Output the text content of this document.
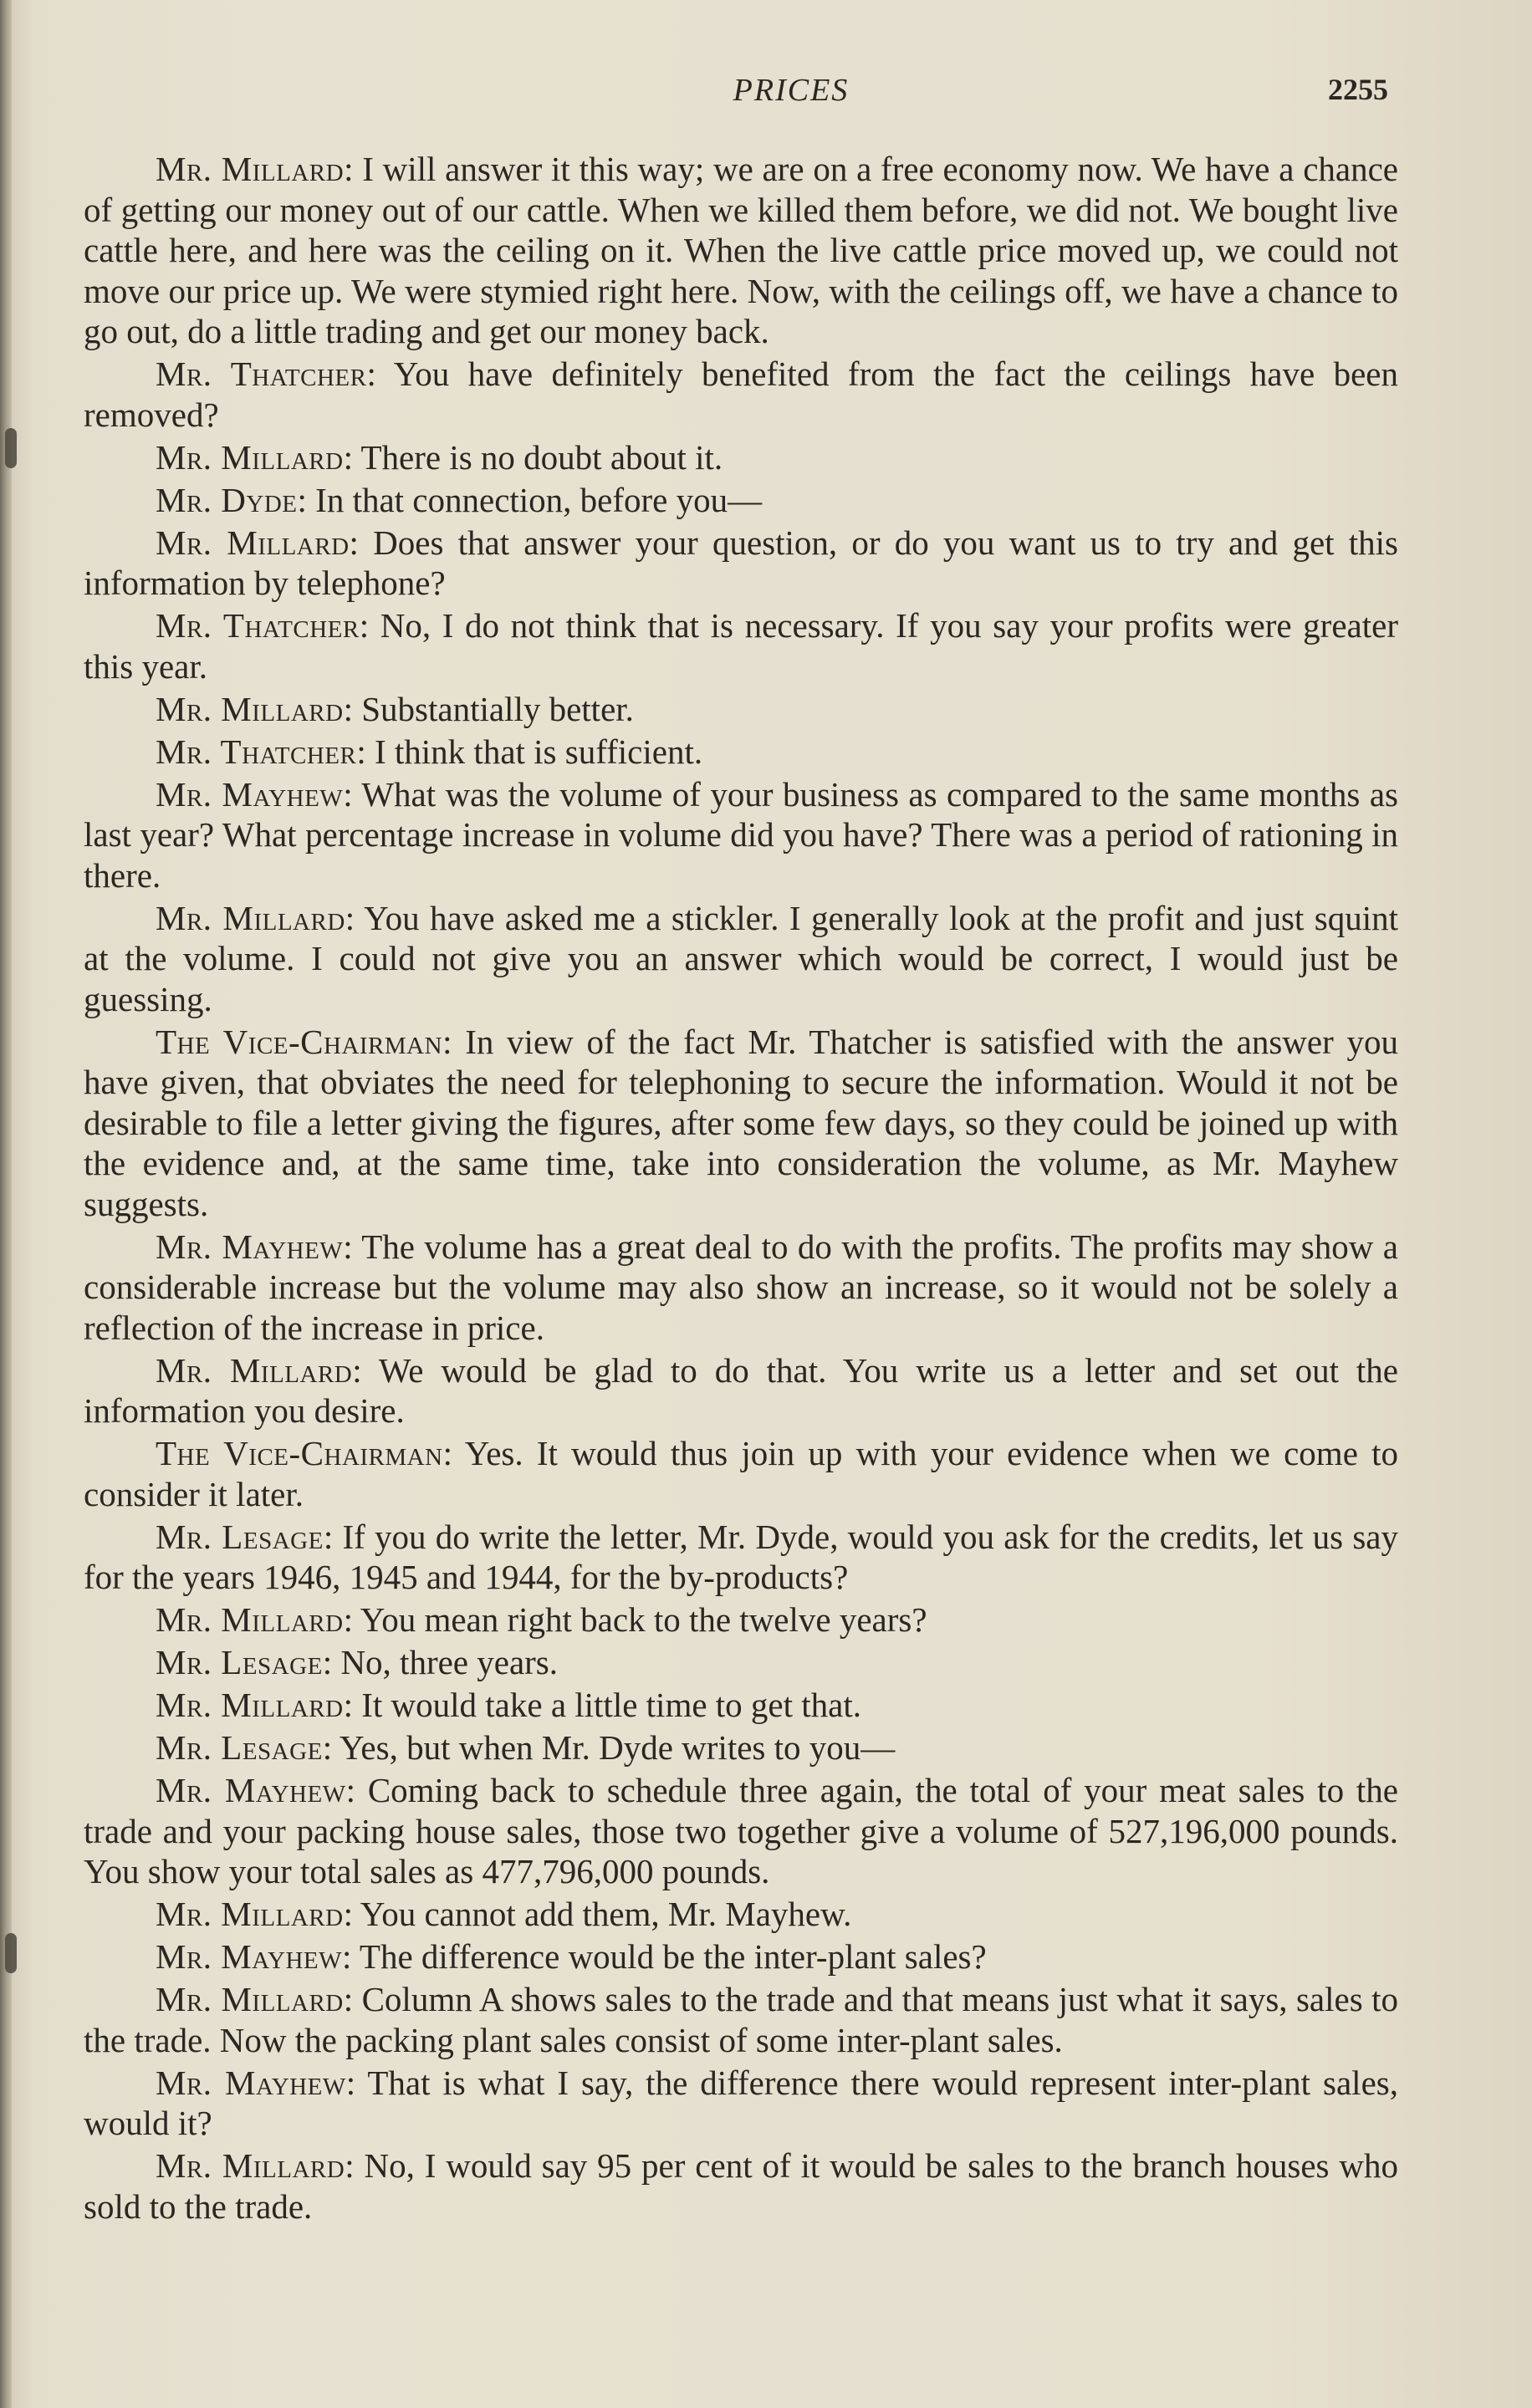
PRICES	2255

Mr. Millard: I will answer it this way; we are on a free economy now. We have a chance of getting our money out of our cattle. When we killed them before, we did not. We bought live cattle here, and here was the ceiling on it. When the live cattle price moved up, we could not move our price up. We were stymied right here. Now, with the ceilings off, we have a chance to go out, do a little trading and get our money back.

Mr. Thatcher: You have definitely benefited from the fact the ceilings have been removed?

Mr. Millard: There is no doubt about it.

Mr. Dyde: In that connection, before you—

Mr. Millard: Does that answer your question, or do you want us to try and get this information by telephone?

Mr. Thatcher: No, I do not think that is necessary. If you say your profits were greater this year.

Mr. Millard: Substantially better.

Mr. Thatcher: I think that is sufficient.

Mr. Mayhew: What was the volume of your business as compared to the same months as last year? What percentage increase in volume did you have? There was a period of rationing in there.

Mr. Millard: You have asked me a stickler. I generally look at the profit and just squint at the volume. I could not give you an answer which would be correct, I would just be guessing.

The Vice-Chairman: In view of the fact Mr. Thatcher is satisfied with the answer you have given, that obviates the need for telephoning to secure the information. Would it not be desirable to file a letter giving the figures, after some few days, so they could be joined up with the evidence and, at the same time, take into consideration the volume, as Mr. Mayhew suggests.

Mr. Mayhew: The volume has a great deal to do with the profits. The profits may show a considerable increase but the volume may also show an increase, so it would not be solely a reflection of the increase in price.

Mr. Millard: We would be glad to do that. You write us a letter and set out the information you desire.

The Vice-Chairman: Yes. It would thus join up with your evidence when we come to consider it later.

Mr. Lesage: If you do write the letter, Mr. Dyde, would you ask for the credits, let us say for the years 1946, 1945 and 1944, for the by-products?

Mr. Millard: You mean right back to the twelve years?

Mr. Lesage: No, three years.

Mr. Millard: It would take a little time to get that.

Mr. Lesage: Yes, but when Mr. Dyde writes to you—

Mr. Mayhew: Coming back to schedule three again, the total of your meat sales to the trade and your packing house sales, those two together give a volume of 527,196,000 pounds. You show your total sales as 477,796,000 pounds.

Mr. Millard: You cannot add them, Mr. Mayhew.

Mr. Mayhew: The difference would be the inter-plant sales?

Mr. Millard: Column A shows sales to the trade and that means just what it says, sales to the trade. Now the packing plant sales consist of some inter-plant sales.

Mr. Mayhew: That is what I say, the difference there would represent inter-plant sales, would it?

Mr. Millard: No, I would say 95 per cent of it would be sales to the branch houses who sold to the trade.
